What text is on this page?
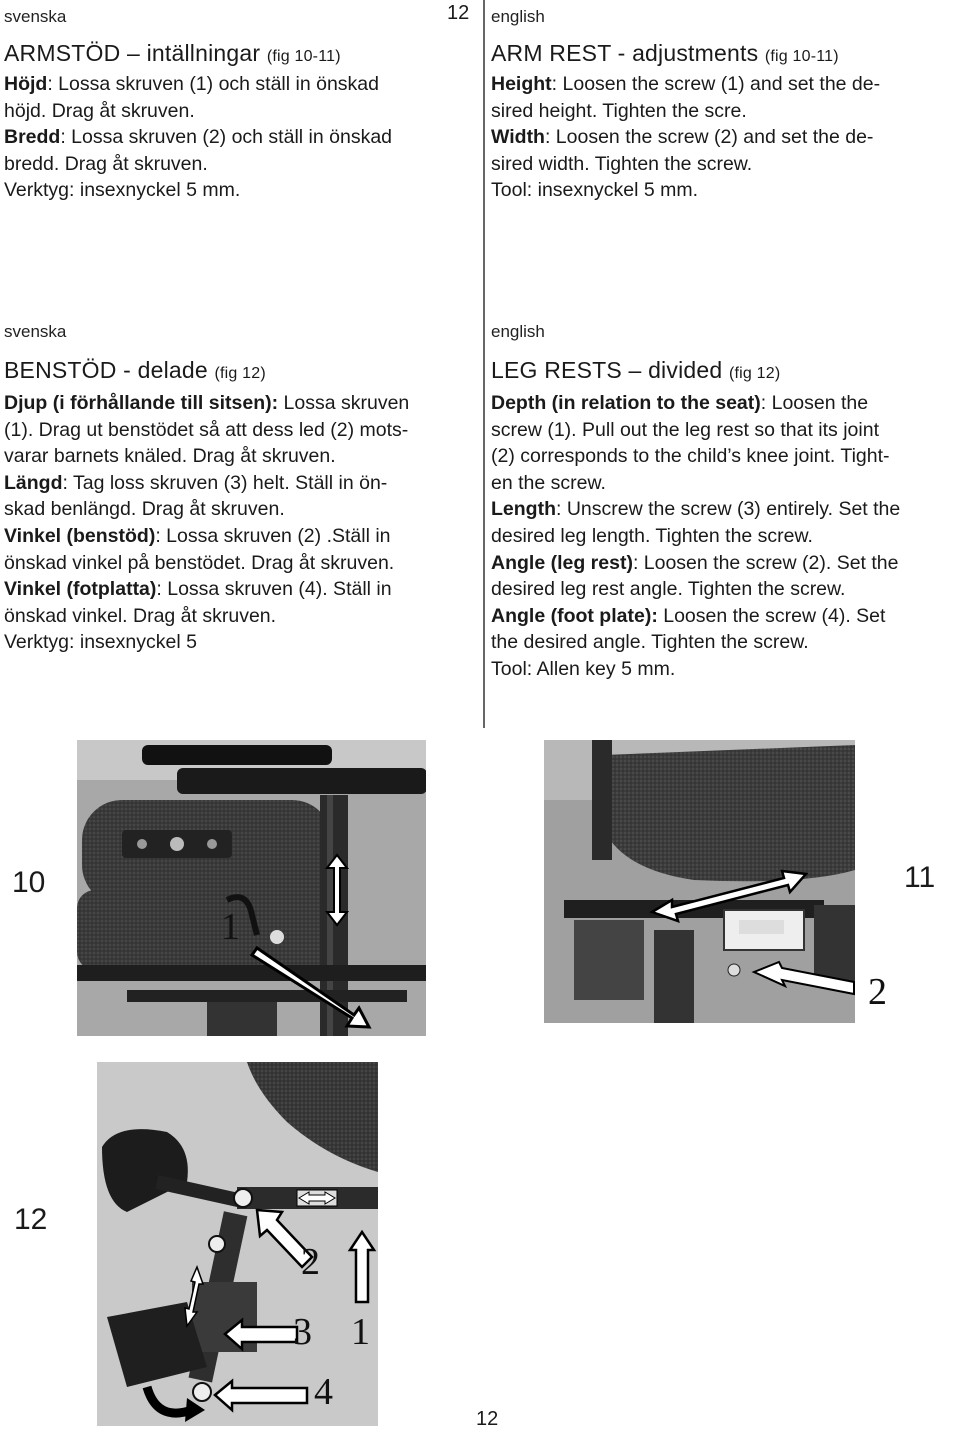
12
svenska
ARMSTÖD – intällningar (fig 10-11)

Höjd: Lossa skruven (1) och ställ in önskad

höjd. Drag åt skruven.

Bredd: Lossa skruven (2) och ställ in önskad

bredd. Drag åt skruven.

Verktyg: insexnyckel 5 mm.

english
ARM REST - adjustments (fig 10-11)

Height: Loosen the screw (1) and set the de-

sired height. Tighten the scre.

Width: Loosen the screw (2) and set the de-

sired width. Tighten the screw.

Tool: insexnyckel 5 mm.

svenska
BENSTÖD - delade (fig 12)

Djup (i förhållande till sitsen): Lossa skruven

(1). Drag ut benstödet så att dess led (2) mots-

varar barnets knäled. Drag åt skruven.

Längd: Tag loss skruven (3) helt. Ställ in ön-

skad benlängd. Drag åt skruven.

Vinkel (benstöd): Lossa skruven (2) .Ställ in

önskad vinkel på benstödet. Drag åt skruven.

Vinkel (fotplatta): Lossa skruven (4). Ställ in

önskad vinkel. Drag åt skruven.

Verktyg: insexnyckel 5

english
LEG RESTS – divided (fig 12)

Depth (in relation to the seat): Loosen the

screw (1). Pull out the leg rest so that its joint

(2) corresponds to the child’s knee joint. Tight-

en the screw.

Length: Unscrew the screw (3) entirely. Set the

desired leg length. Tighten the screw.

Angle (leg rest): Loosen the screw (2). Set the

desired leg rest angle. Tighten the screw.

Angle (foot plate): Loosen the screw (4). Set

the desired angle. Tighten the screw.

Tool: Allen key 5 mm.

10
1
11
2
12
2
3 1
4
12
